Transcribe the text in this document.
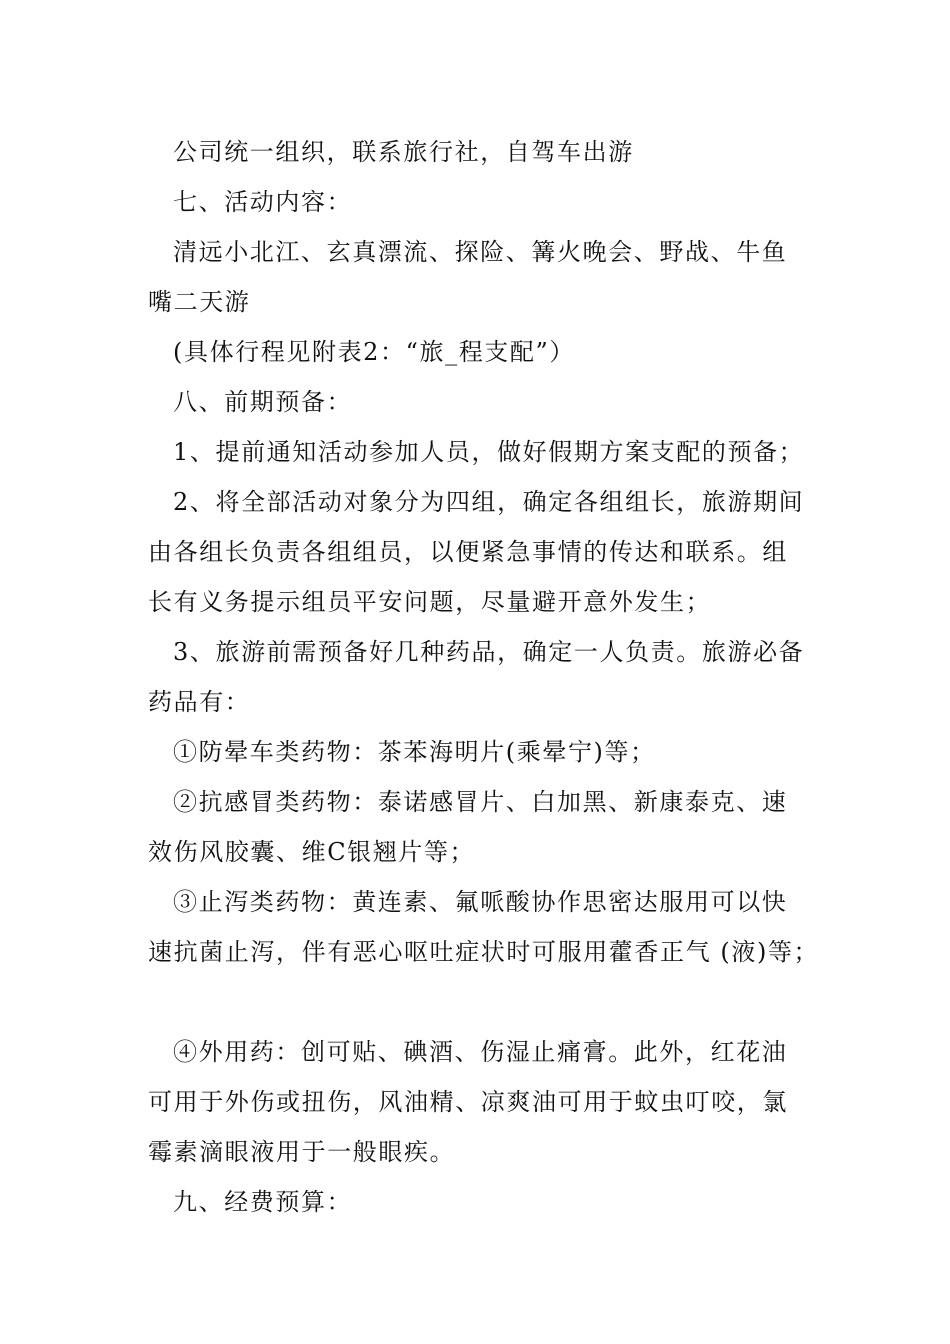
公司统一组织，联系旅行社，自驾车出游
七、活动内容：
清远小北江、玄真漂流、探险、篝火晚会、野战、牛鱼
嘴二天游
(具体行程见附表2：“旅_程支配”）
八、前期预备：
1、提前通知活动参加人员，做好假期方案支配的预备；
2、将全部活动对象分为四组，确定各组组长，旅游期间
由各组长负责各组组员，以便紧急事情的传达和联系。组
长有义务提示组员平安问题，尽量避开意外发生；
3、旅游前需预备好几种药品，确定一人负责。旅游必备
药品有：
①防晕车类药物：茶苯海明片(乘晕宁)等；
②抗感冒类药物：泰诺感冒片、白加黑、新康泰克、速
效伤风胶囊、维C银翘片等；
③止泻类药物：黄连素、氟哌酸协作思密达服用可以快
速抗菌止泻，伴有恶心呕吐症状时可服用藿香正气 (液)等；
④外用药：创可贴、碘酒、伤湿止痛膏。此外，红花油
可用于外伤或扭伤，风油精、凉爽油可用于蚊虫叮咬，氯
霉素滴眼液用于一般眼疾。
九、经费预算：
